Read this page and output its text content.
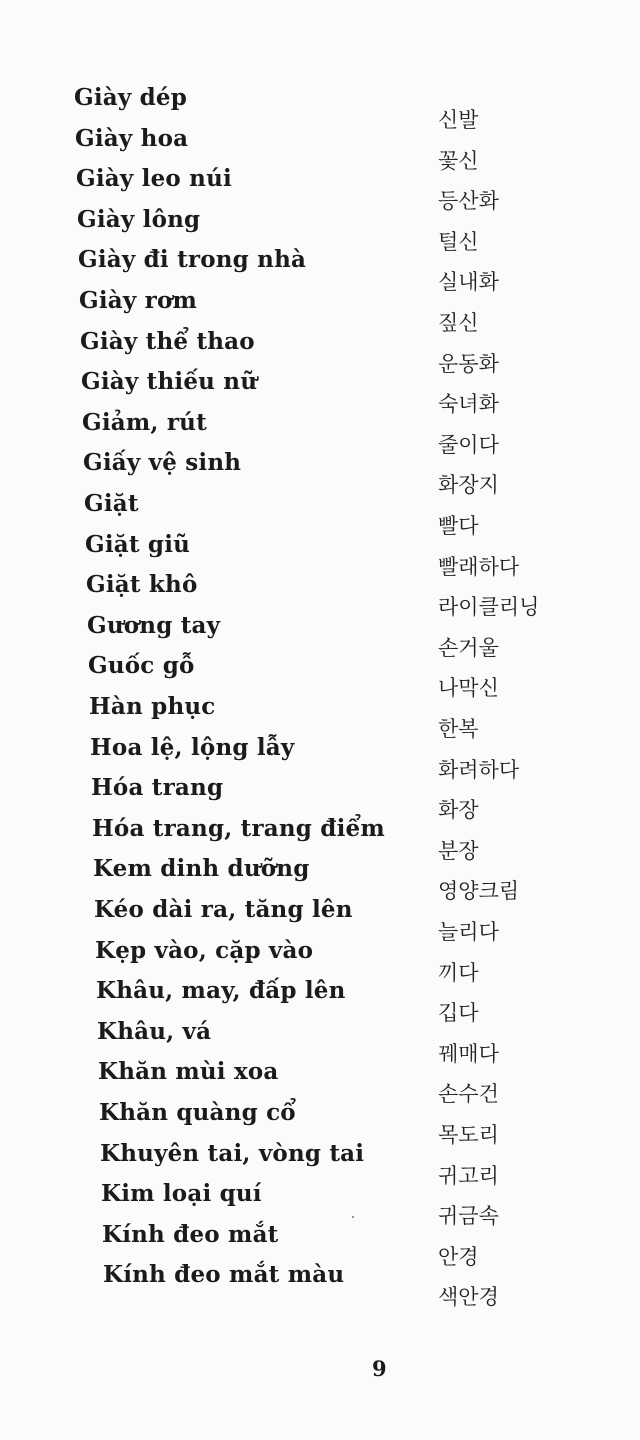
Giày dép
신발
Giày hoa
꽃신
Giày leo núi
등산화
Giày lông
털신
Giày đi trong nhà
실내화
Giày rơm
짚신
Giày thể thao
운동화
Giày thiếu nữ
숙녀화
Giảm, rút
줄이다
Giấy vệ sinh
화장지
Giặt
빨다
Giặt giũ
빨래하다
Giặt khô
라이클리닝
Gương tay
손거울
Guốc gỗ
나막신
Hàn phục
한복
Hoa lệ, lộng lẫy
화려하다
Hóa trang
화장
Hóa trang, trang điểm
분장
Kem dinh dưỡng
영양크림
Kéo dài ra, tăng lên
늘리다
Kẹp vào, cặp vào
끼다
Khâu, may, đấp lên
깁다
Khâu, vá
꿰매다
Khăn mùi xoa
손수건
Khăn quàng cổ
목도리
Khuyên tai, vòng tai
귀고리
Kim loại quí
귀금속
Kính đeo mắt
안경
Kính đeo mắt màu
색안경
9
